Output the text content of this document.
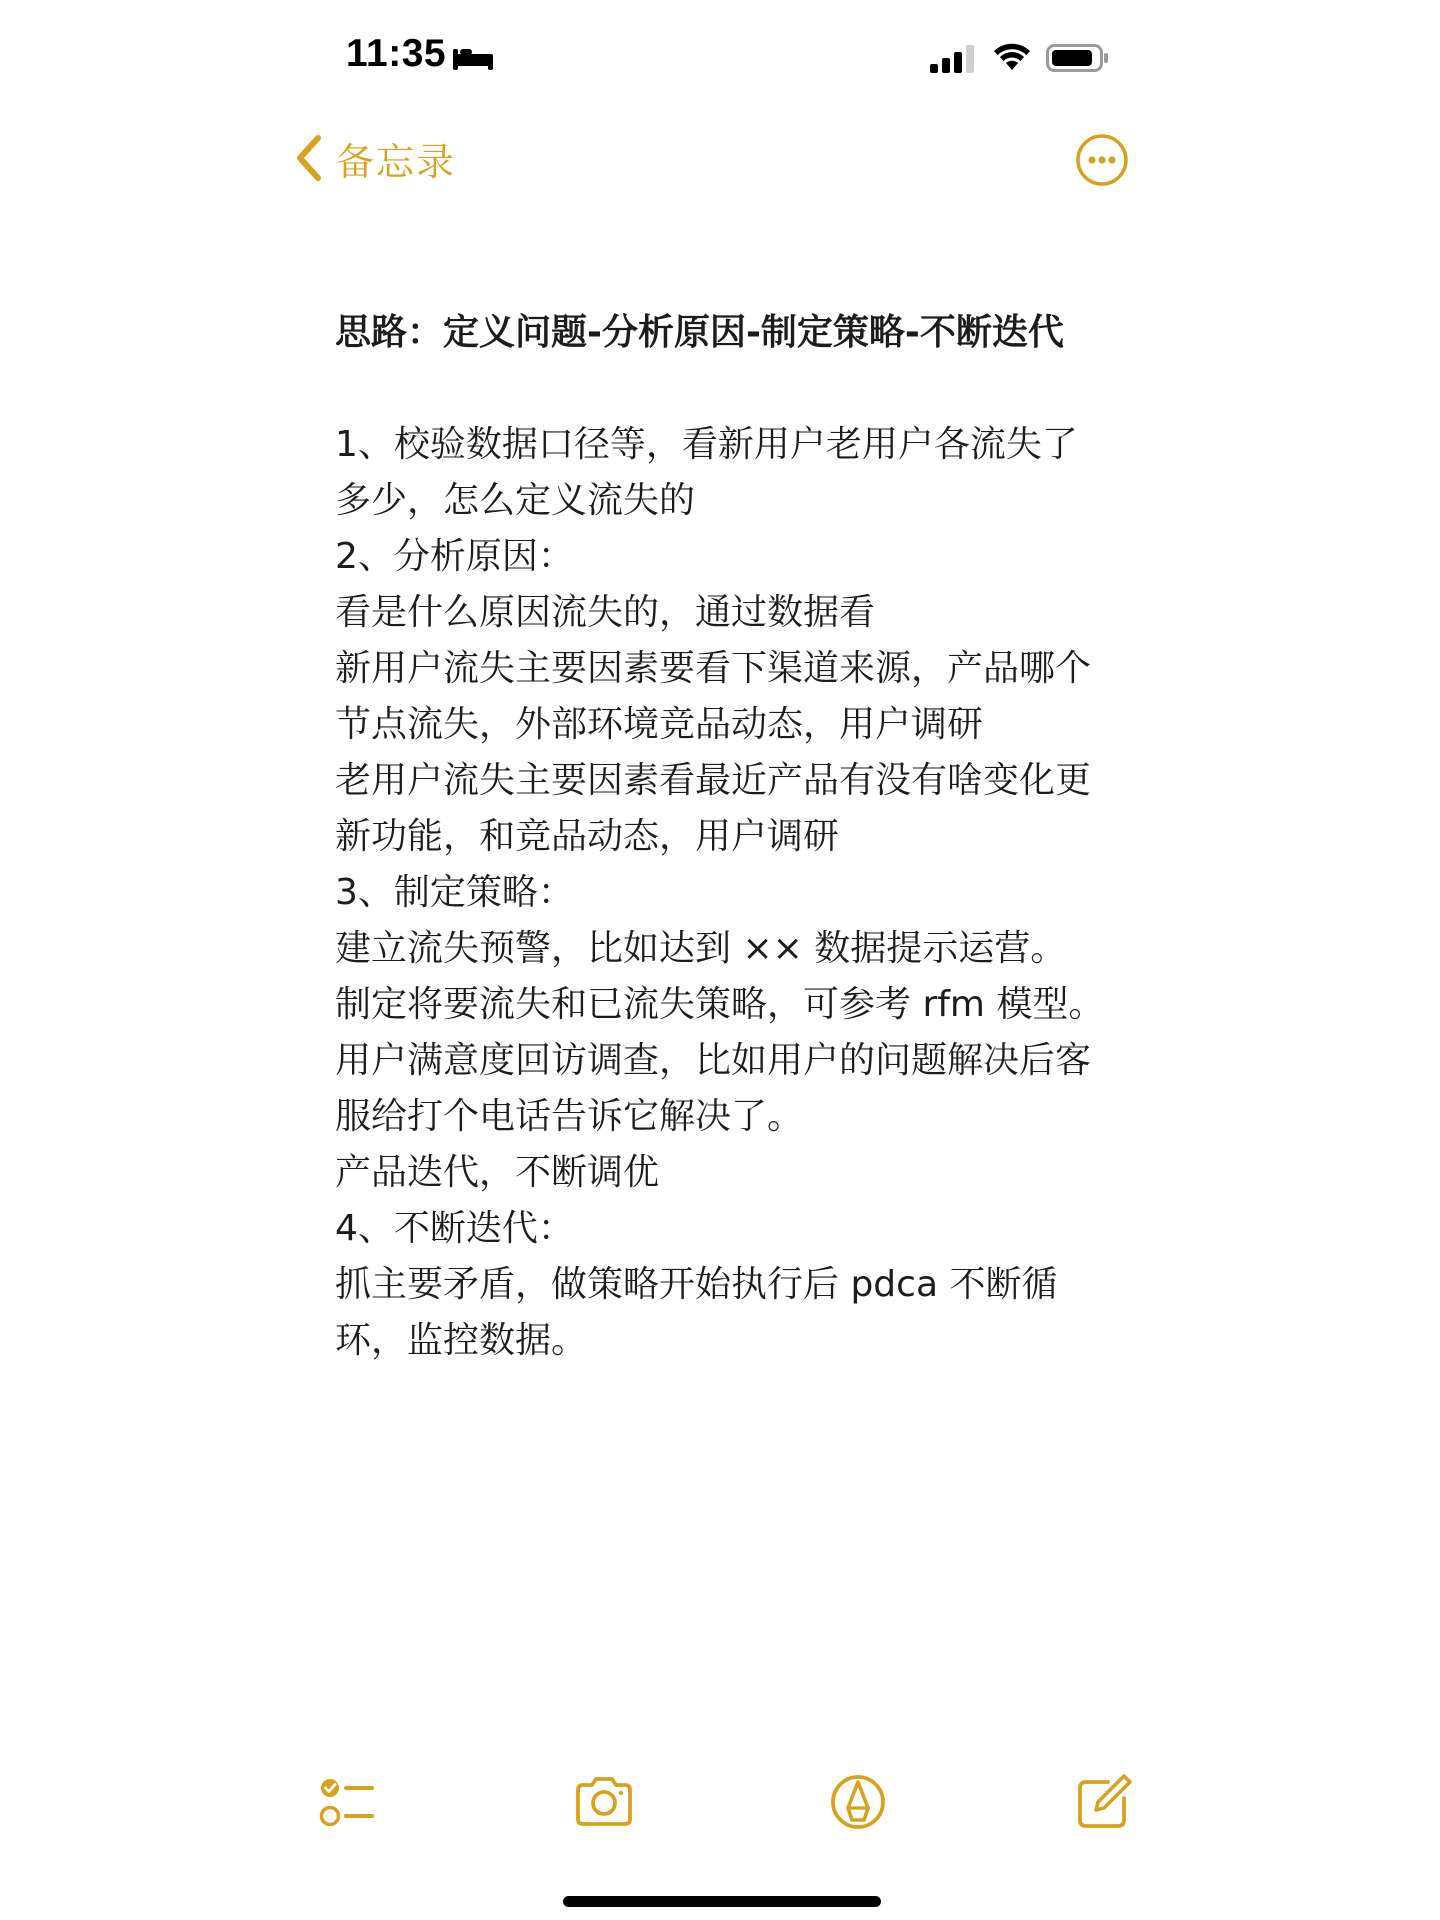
11:35
备忘录

思路：定义问题-分析原因-制定策略-不断迭代

1、校验数据口径等，看新用户老用户各流失了多少，怎么定义流失的

2、分析原因：

看是什么原因流失的，通过数据看

新用户流失主要因素要看下渠道来源，产品哪个节点流失，外部环境竞品动态，用户调研

老用户流失主要因素看最近产品有没有啥变化更新功能，和竞品动态，用户调研

3、制定策略：

建立流失预警，比如达到 ×× 数据提示运营。

制定将要流失和已流失策略，可参考 rfm 模型。

用户满意度回访调查，比如用户的问题解决后客服给打个电话告诉它解决了。

产品迭代，不断调优

4、不断迭代：

抓主要矛盾，做策略开始执行后 pdca 不断循环，监控数据。
